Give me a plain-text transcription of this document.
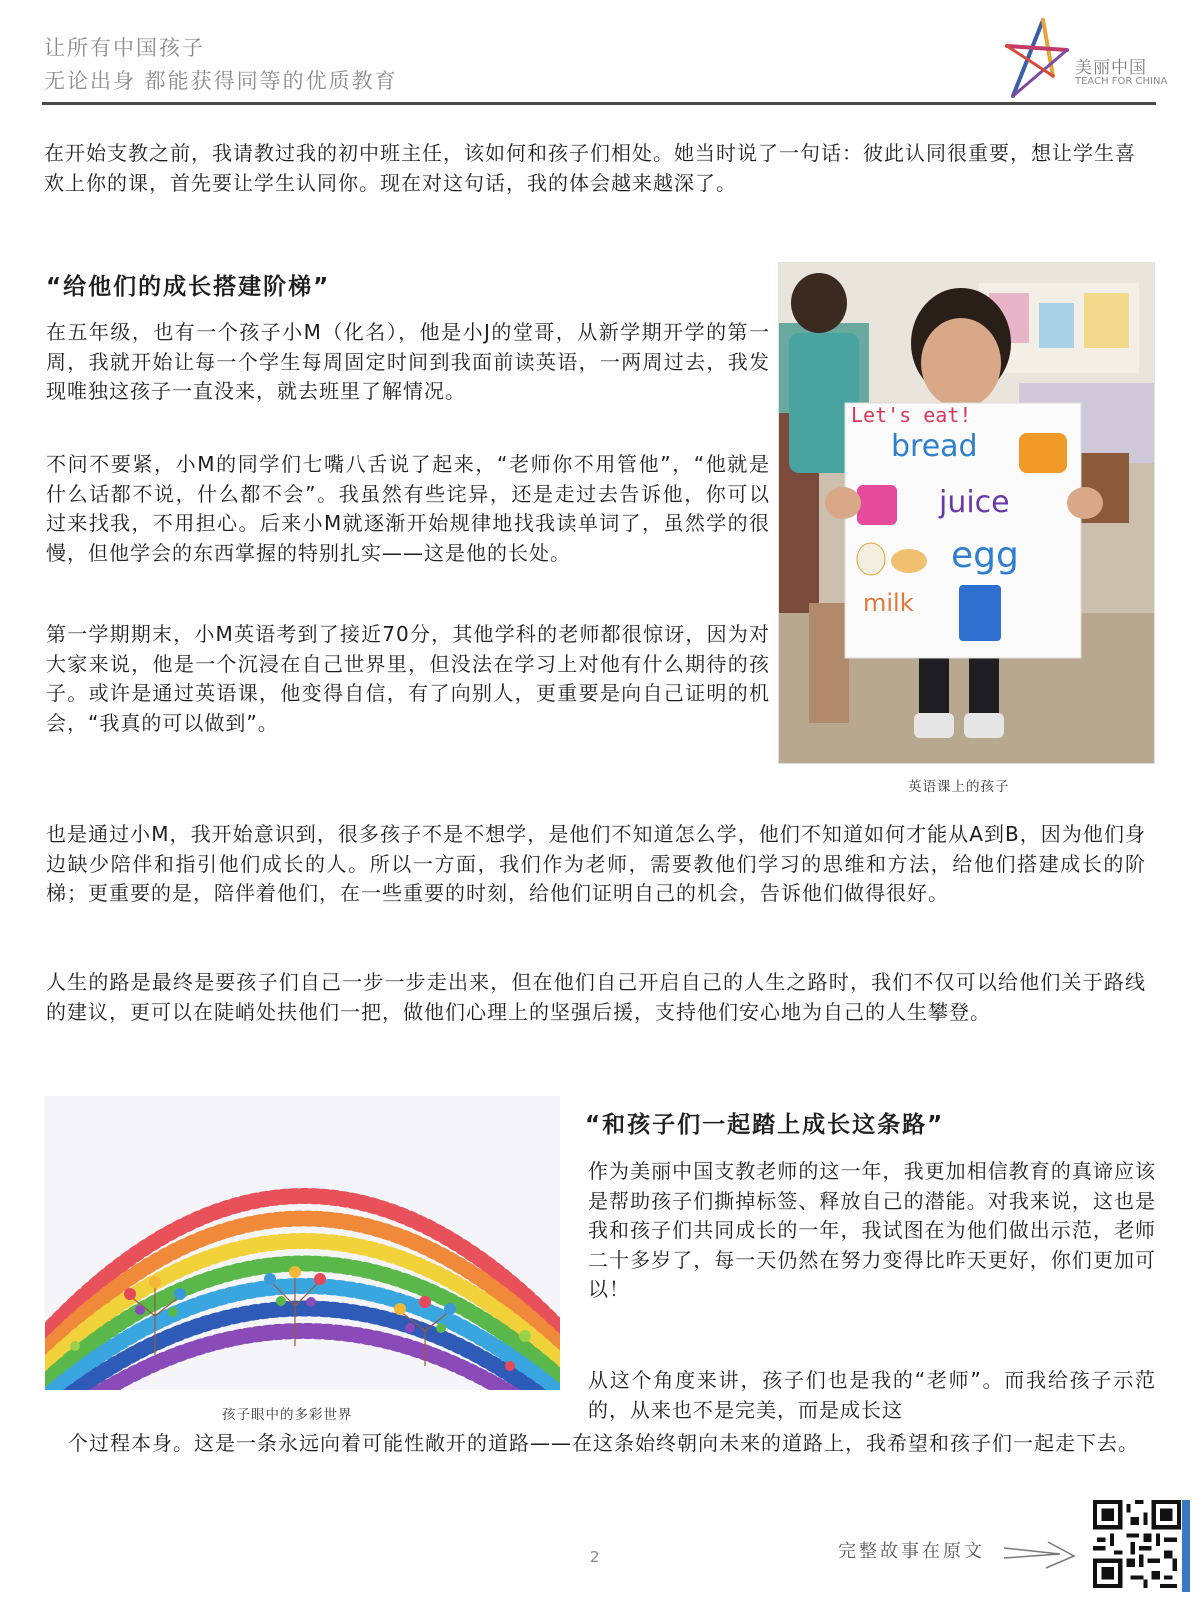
让所有中国孩子
无论出身 都能获得同等的优质教育
美丽中国
TEACH FOR CHINA

在开始支教之前，我请教过我的初中班主任，该如何和孩子们相处。她当时说了一句话：彼此认同很重要，想让学生喜欢上你的课，首先要让学生认同你。现在对这句话，我的体会越来越深了。

“给他们的成长搭建阶梯”

在五年级，也有一个孩子小M（化名），他是小J的堂哥，从新学期开学的第一周，我就开始让每一个学生每周固定时间到我面前读英语，一两周过去，我发现唯独这孩子一直没来，就去班里了解情况。

不问不要紧，小M的同学们七嘴八舌说了起来，“老师你不用管他”，“他就是什么话都不说，什么都不会”。我虽然有些诧异，还是走过去告诉他，你可以过来找我，不用担心。后来小M就逐渐开始规律地找我读单词了，虽然学的很慢，但他学会的东西掌握的特别扎实——这是他的长处。

第一学期期末，小M英语考到了接近70分，其他学科的老师都很惊讶，因为对大家来说，他是一个沉浸在自己世界里，但没法在学习上对他有什么期待的孩子。或许是通过英语课，他变得自信，有了向别人，更重要是向自己证明的机会，“我真的可以做到”。

Let's eat!
bread
juice
egg
milk
英语课上的孩子

也是通过小M，我开始意识到，很多孩子不是不想学，是他们不知道怎么学，他们不知道如何才能从A到B，因为他们身边缺少陪伴和指引他们成长的人。所以一方面，我们作为老师，需要教他们学习的思维和方法，给他们搭建成长的阶梯；更重要的是，陪伴着他们，在一些重要的时刻，给他们证明自己的机会，告诉他们做得很好。

人生的路是最终是要孩子们自己一步一步走出来，但在他们自己开启自己的人生之路时，我们不仅可以给他们关于路线的建议，更可以在陡峭处扶他们一把，做他们心理上的坚强后援，支持他们安心地为自己的人生攀登。

孩子眼中的多彩世界
“和孩子们一起踏上成长这条路”

作为美丽中国支教老师的这一年，我更加相信教育的真谛应该是帮助孩子们撕掉标签、释放自己的潜能。对我来说，这也是我和孩子们共同成长的一年，我试图在为他们做出示范，老师二十多岁了，每一天仍然在努力变得比昨天更好，你们更加可以！

从这个角度来讲，孩子们也是我的“老师”。而我给孩子示范的，从来也不是完美，而是成长这

个过程本身。这是一条永远向着可能性敞开的道路——在这条始终朝向未来的道路上，我希望和孩子们一起走下去。

2	完整故事在原文
